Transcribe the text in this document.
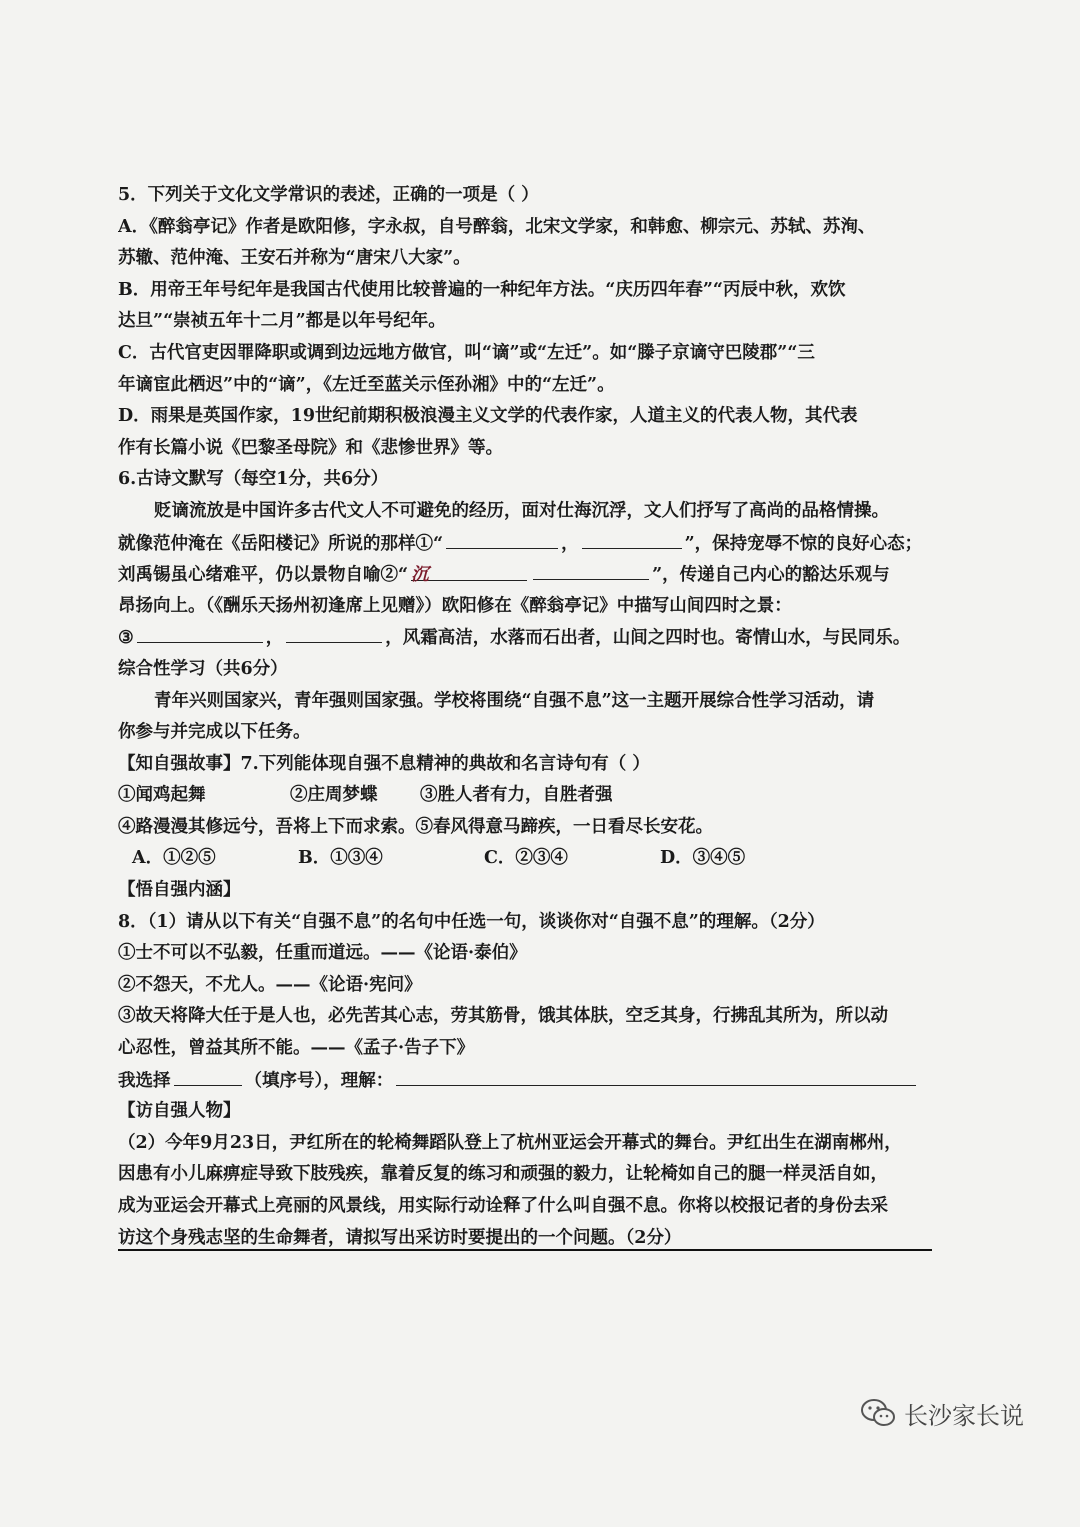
5．下列关于文化文学常识的表述，正确的一项是（ ）
A．《醉翁亭记》作者是欧阳修，字永叔，自号醉翁，北宋文学家，和韩愈、柳宗元、苏轼、苏洵、
苏辙、范仲淹、王安石并称为“唐宋八大家”。
B．用帝王年号纪年是我国古代使用比较普遍的一种纪年方法。“庆历四年春”“丙辰中秋，欢饮
达旦”“崇祯五年十二月”都是以年号纪年。
C．古代官吏因罪降职或调到边远地方做官，叫“谪”或“左迁”。如“滕子京谪守巴陵郡”“三
年谪宦此栖迟”中的“谪”，《左迁至蓝关示侄孙湘》中的“左迁”。
D．雨果是英国作家，19世纪前期积极浪漫主义文学的代表作家，人道主义的代表人物，其代表
作有长篇小说《巴黎圣母院》和《悲惨世界》等。
6.古诗文默写（每空1分，共6分）
贬谪流放是中国许多古代文人不可避免的经历，面对仕海沉浮，文人们抒写了高尚的品格情操。
就像范仲淹在《岳阳楼记》所说的那样①“	，	”，保持宠辱不惊的良好心态；
刘禹锡虽心绪难平，仍以景物自喻②“ 沉	”，传递自己内心的豁达乐观与
昂扬向上。（《酬乐天扬州初逢席上见赠》）欧阳修在《醉翁亭记》中描写山间四时之景：
③	，	，风霜高洁，水落而石出者，山间之四时也。寄情山水，与民同乐。
综合性学习（共6分）
青年兴则国家兴，青年强则国家强。学校将围绕“自强不息”这一主题开展综合性学习活动，请
你参与并完成以下任务。
【知自强故事】7.下列能体现自强不息精神的典故和名言诗句有（ ）
①闻鸡起舞	②庄周梦蝶	③胜人者有力，自胜者强
④路漫漫其修远兮，吾将上下而求索。⑤春风得意马蹄疾，一日看尽长安花。
A．①②⑤	B．①③④	C．②③④	D．③④⑤
【悟自强内涵】
8．（1）请从以下有关“自强不息”的名句中任选一句，谈谈你对“自强不息”的理解。（2分）
①士不可以不弘毅，任重而道远。——《论语·泰伯》
②不怨天，不尤人。——《论语·宪问》
③故天将降大任于是人也，必先苦其心志，劳其筋骨，饿其体肤，空乏其身，行拂乱其所为，所以动
心忍性，曾益其所不能。——《孟子·告子下》
我选择	（填序号），理解：
【访自强人物】
（2）今年9月23日，尹红所在的轮椅舞蹈队登上了杭州亚运会开幕式的舞台。尹红出生在湖南郴州，
因患有小儿麻痹症导致下肢残疾，靠着反复的练习和顽强的毅力，让轮椅如自己的腿一样灵活自如，
成为亚运会开幕式上亮丽的风景线，用实际行动诠释了什么叫自强不息。你将以校报记者的身份去采
访这个身残志坚的生命舞者，请拟写出采访时要提出的一个问题。（2分）
长沙家长说
